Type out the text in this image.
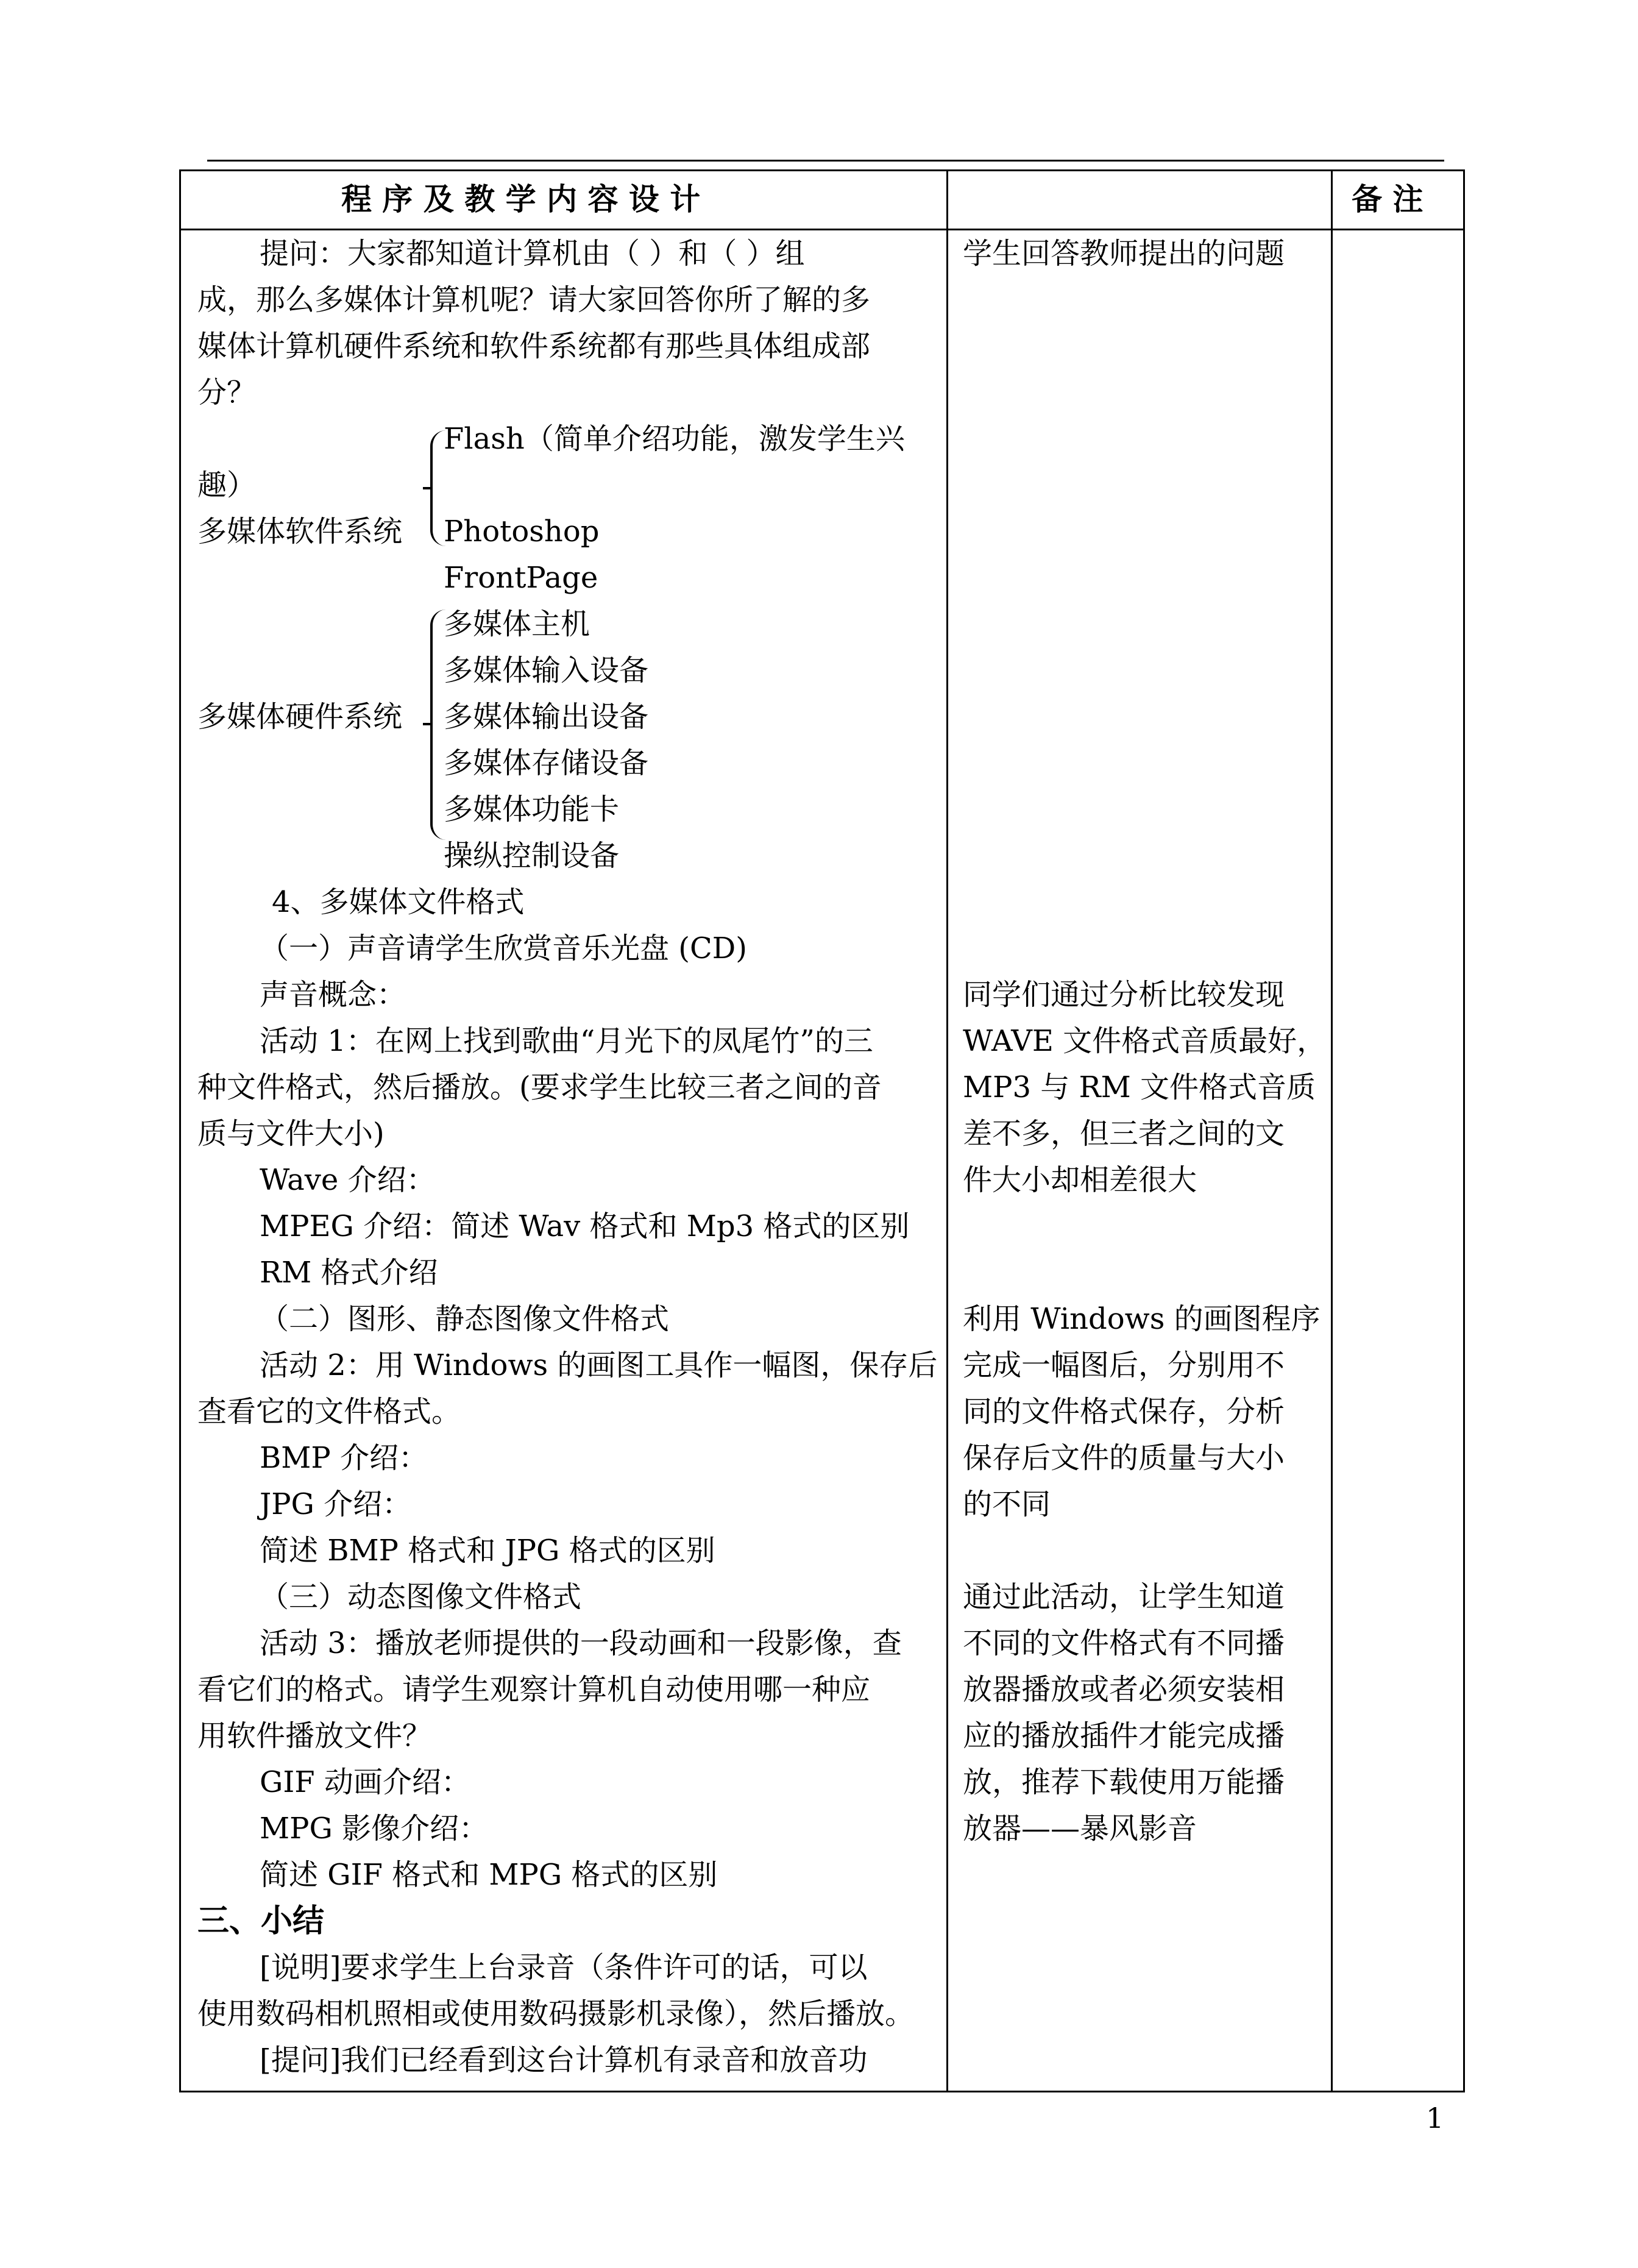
程 序 及 教 学 内 容 设 计	备 注
提问：大家都知道计算机由（ ）和（ ）组
成，那么多媒体计算机呢？请大家回答你所了解的多
媒体计算机硬件系统和软件系统都有那些具体组成部
分？
Flash（简单介绍功能，激发学生兴
趣）
多媒体软件系统 Photoshop
FrontPage
多媒体主机
多媒体输入设备
多媒体硬件系统 多媒体输出设备
多媒体存储设备
多媒体功能卡
操纵控制设备
4、多媒体文件格式
（一）声音请学生欣赏音乐光盘 (CD)
声音概念：
活动 1：在网上找到歌曲“月光下的凤尾竹”的三
种文件格式，然后播放。(要求学生比较三者之间的音
质与文件大小)
Wave 介绍：
MPEG 介绍：简述 Wav 格式和 Mp3 格式的区别
RM 格式介绍
（二）图形、静态图像文件格式
活动 2：用 Windows 的画图工具作一幅图，保存后
查看它的文件格式。
BMP 介绍：
JPG 介绍：
简述 BMP 格式和 JPG 格式的区别
（三）动态图像文件格式
活动 3：播放老师提供的一段动画和一段影像，查
看它们的格式。请学生观察计算机自动使用哪一种应
用软件播放文件？
GIF 动画介绍：
MPG 影像介绍：
简述 GIF 格式和 MPG 格式的区别
三、小结
[说明]要求学生上台录音（条件许可的话，可以
使用数码相机照相或使用数码摄影机录像），然后播放。
[提问]我们已经看到这台计算机有录音和放音功
学生回答教师提出的问题
同学们通过分析比较发现
WAVE 文件格式音质最好，
MP3 与 RM 文件格式音质
差不多，但三者之间的文
件大小却相差很大
利用 Windows 的画图程序
完成一幅图后，分别用不
同的文件格式保存，分析
保存后文件的质量与大小
的不同
通过此活动，让学生知道
不同的文件格式有不同播
放器播放或者必须安装相
应的播放插件才能完成播
放，推荐下载使用万能播
放器——暴风影音
1
